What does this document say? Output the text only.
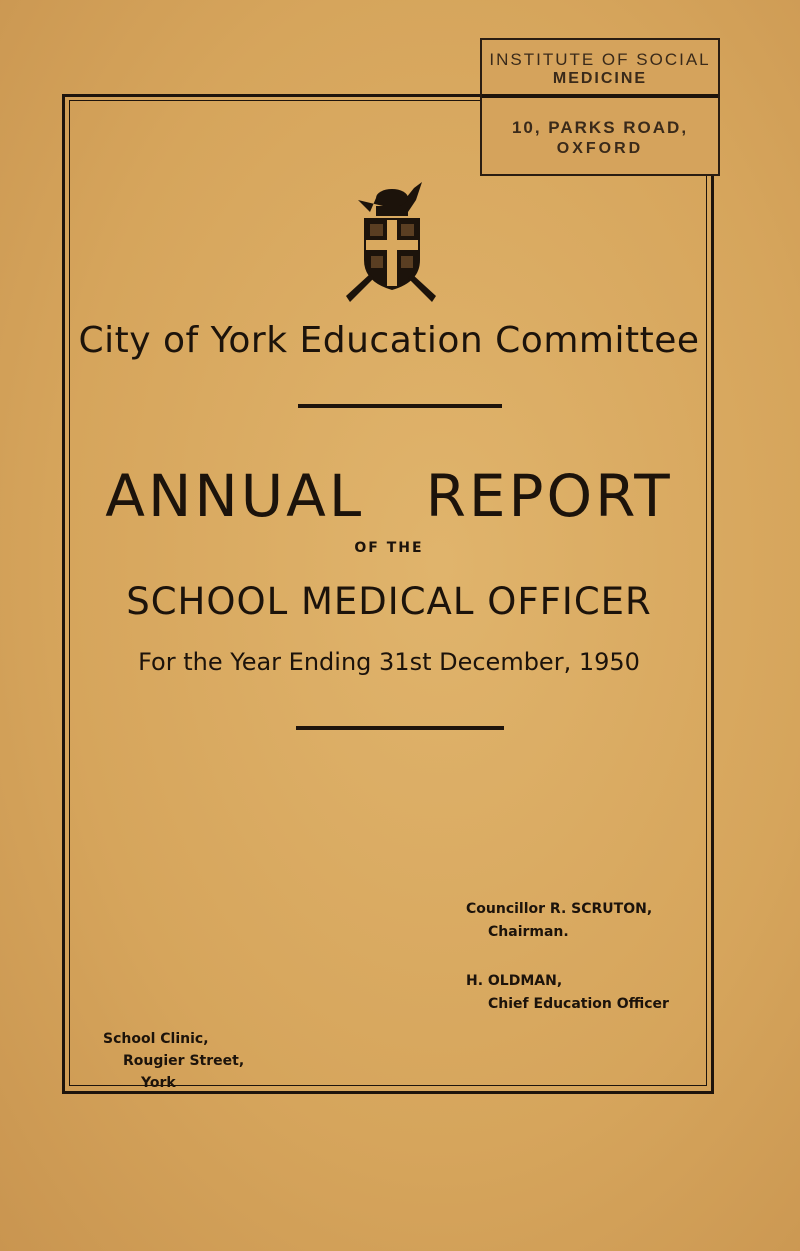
INSTITUTE OF SOCIAL
MEDICINE
10, PARKS ROAD,
OXFORD
City of York Education Committee
ANNUAL REPORT
OF THE
SCHOOL MEDICAL OFFICER
For the Year Ending 31st December, 1950
Councillor R. SCRUTON,
Chairman.
H. OLDMAN,
Chief Education Officer
School Clinic,
Rougier Street,
York
